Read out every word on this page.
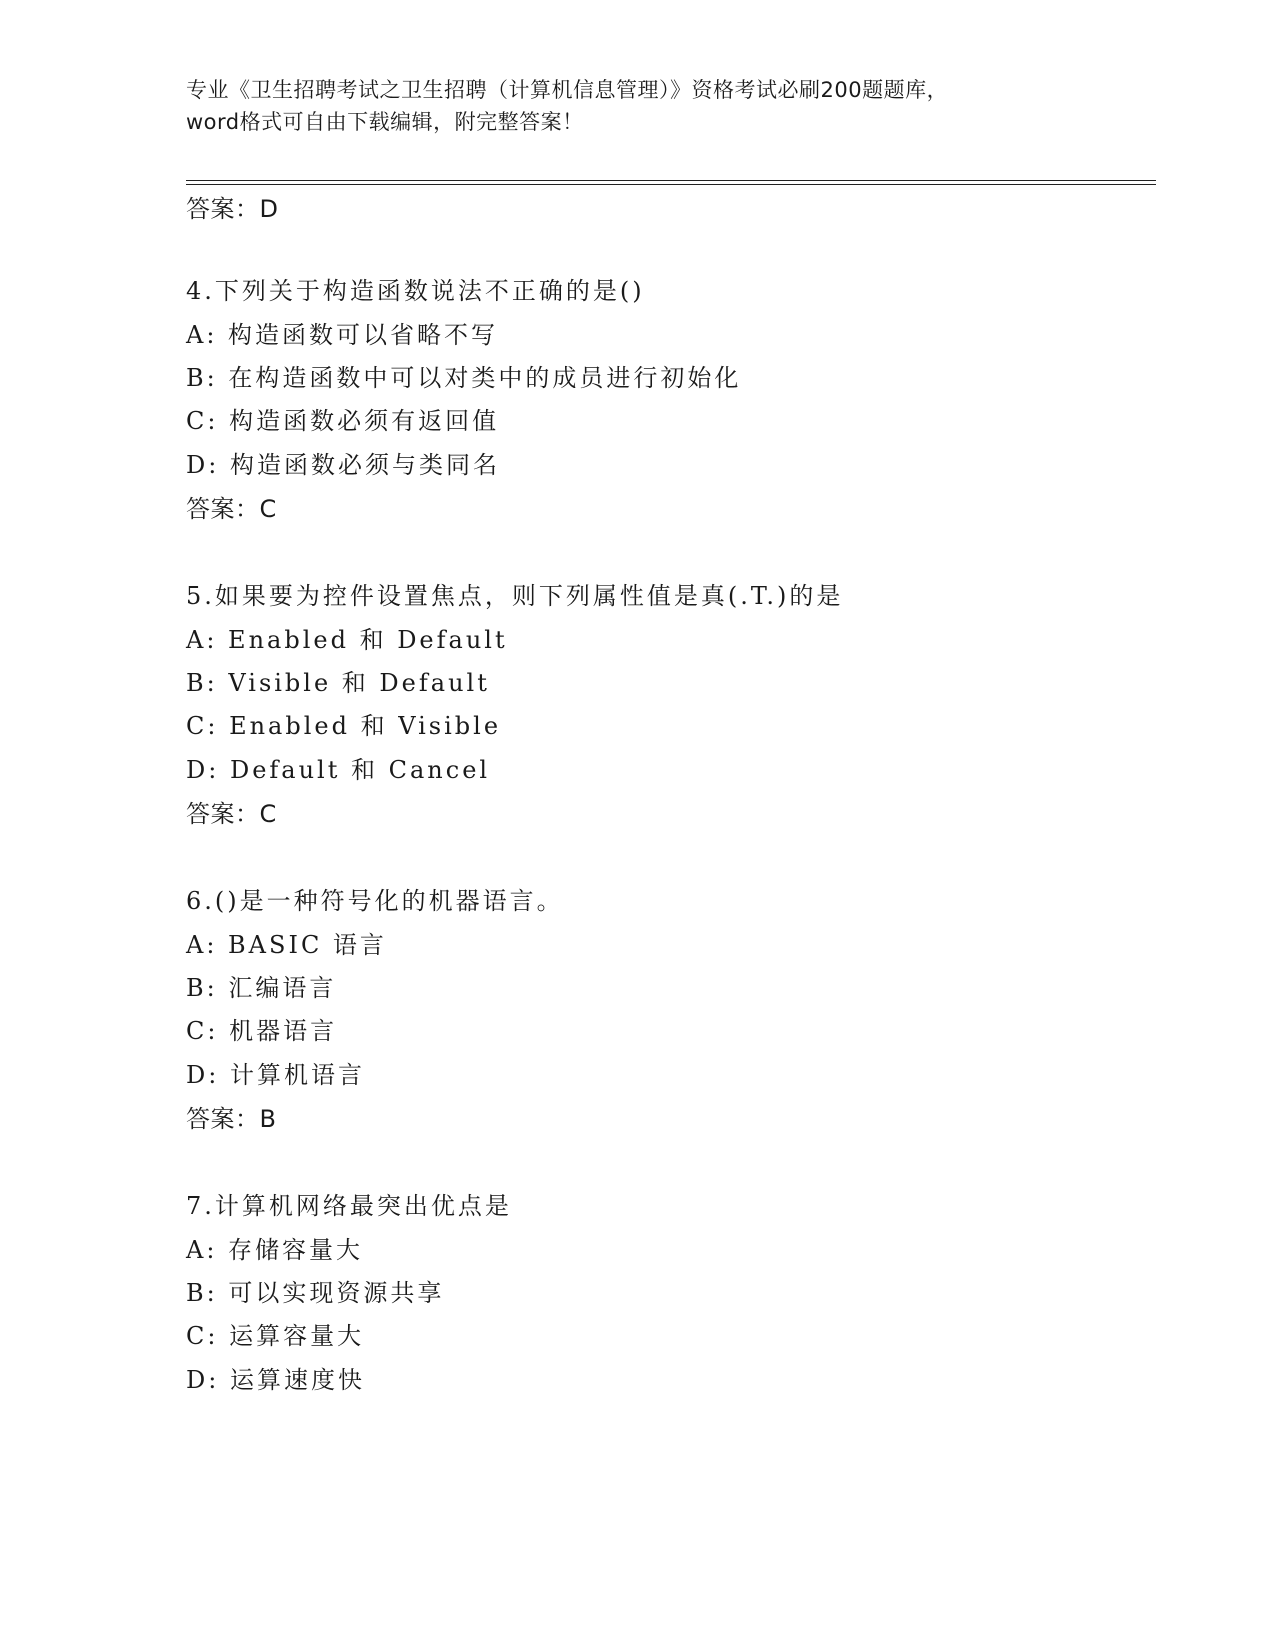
专业《卫生招聘考试之卫生招聘（计算机信息管理）》资格考试必刷200题题库，
word格式可自由下载编辑，附完整答案！
答案：D
4.下列关于构造函数说法不正确的是()
A: 构造函数可以省略不写
B: 在构造函数中可以对类中的成员进行初始化
C: 构造函数必须有返回值
D: 构造函数必须与类同名
答案：C
5.如果要为控件设置焦点，则下列属性值是真(.T.)的是
A: Enabled 和 Default
B: Visible 和 Default
C: Enabled 和 Visible
D: Default 和 Cancel
答案：C
6.()是一种符号化的机器语言。
A: BASIC 语言
B: 汇编语言
C: 机器语言
D: 计算机语言
答案：B
7.计算机网络最突出优点是
A: 存储容量大
B: 可以实现资源共享
C: 运算容量大
D: 运算速度快
